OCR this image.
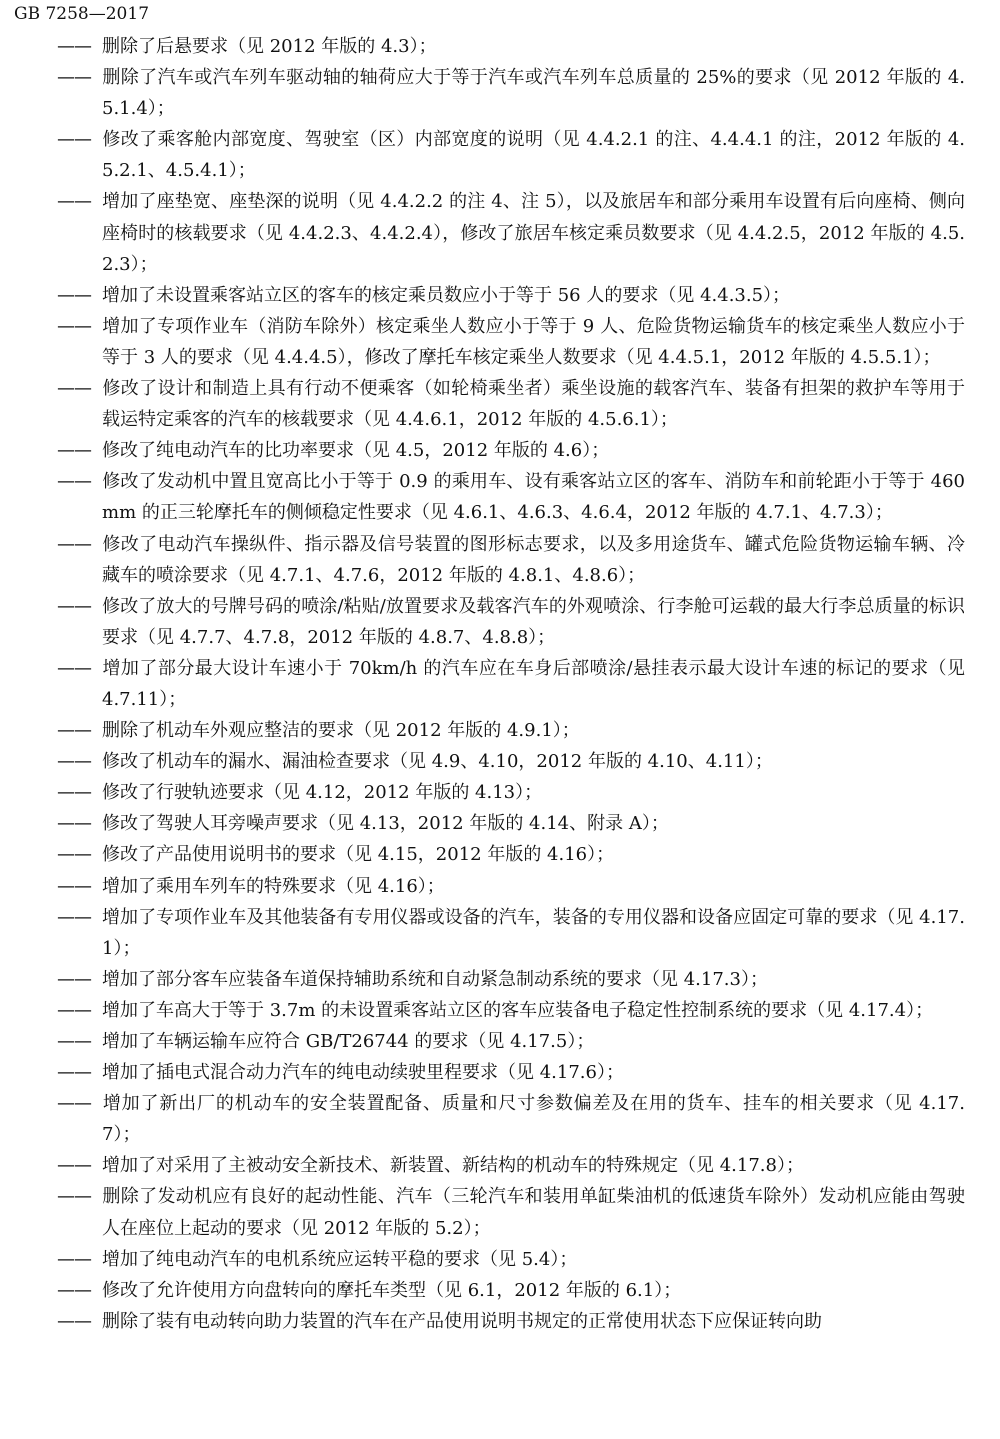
GB 7258—2017
—— 删除了后悬要求（见 2012 年版的 4.3）；
—— 删除了汽车或汽车列车驱动轴的轴荷应大于等于汽车或汽车列车总质量的 25%的要求（见 2012 年版的 4.5.1.4）；
—— 修改了乘客舱内部宽度、驾驶室（区）内部宽度的说明（见 4.4.2.1 的注、4.4.4.1 的注，2012 年版的 4.5.2.1、4.5.4.1）；
—— 增加了座垫宽、座垫深的说明（见 4.4.2.2 的注 4、注 5），以及旅居车和部分乘用车设置有后向座椅、侧向座椅时的核载要求（见 4.4.2.3、4.4.2.4），修改了旅居车核定乘员数要求（见 4.4.2.5，2012 年版的 4.5.2.3）；
—— 增加了未设置乘客站立区的客车的核定乘员数应小于等于 56 人的要求（见 4.4.3.5）；
—— 增加了专项作业车（消防车除外）核定乘坐人数应小于等于 9 人、危险货物运输货车的核定乘坐人数应小于等于 3 人的要求（见 4.4.4.5），修改了摩托车核定乘坐人数要求（见 4.4.5.1，2012 年版的 4.5.5.1）；
—— 修改了设计和制造上具有行动不便乘客（如轮椅乘坐者）乘坐设施的载客汽车、装备有担架的救护车等用于载运特定乘客的汽车的核载要求（见 4.4.6.1，2012 年版的 4.5.6.1）；
—— 修改了纯电动汽车的比功率要求（见 4.5，2012 年版的 4.6）；
—— 修改了发动机中置且宽高比小于等于 0.9 的乘用车、设有乘客站立区的客车、消防车和前轮距小于等于 460mm 的正三轮摩托车的侧倾稳定性要求（见 4.6.1、4.6.3、4.6.4，2012 年版的 4.7.1、4.7.3）；
—— 修改了电动汽车操纵件、指示器及信号装置的图形标志要求，以及多用途货车、罐式危险货物运输车辆、冷藏车的喷涂要求（见 4.7.1、4.7.6，2012 年版的 4.8.1、4.8.6）；
—— 修改了放大的号牌号码的喷涂/粘贴/放置要求及载客汽车的外观喷涂、行李舱可运载的最大行李总质量的标识要求（见 4.7.7、4.7.8，2012 年版的 4.8.7、4.8.8）；
—— 增加了部分最大设计车速小于 70km/h 的汽车应在车身后部喷涂/悬挂表示最大设计车速的标记的要求（见 4.7.11）；
—— 删除了机动车外观应整洁的要求（见 2012 年版的 4.9.1）；
—— 修改了机动车的漏水、漏油检查要求（见 4.9、4.10，2012 年版的 4.10、4.11）；
—— 修改了行驶轨迹要求（见 4.12，2012 年版的 4.13）；
—— 修改了驾驶人耳旁噪声要求（见 4.13，2012 年版的 4.14、附录 A）；
—— 修改了产品使用说明书的要求（见 4.15，2012 年版的 4.16）；
—— 增加了乘用车列车的特殊要求（见 4.16）；
—— 增加了专项作业车及其他装备有专用仪器或设备的汽车，装备的专用仪器和设备应固定可靠的要求（见 4.17.1）；
—— 增加了部分客车应装备车道保持辅助系统和自动紧急制动系统的要求（见 4.17.3）；
—— 增加了车高大于等于 3.7m 的未设置乘客站立区的客车应装备电子稳定性控制系统的要求（见 4.17.4）；
—— 增加了车辆运输车应符合 GB/T26744 的要求（见 4.17.5）；
—— 增加了插电式混合动力汽车的纯电动续驶里程要求（见 4.17.6）；
—— 增加了新出厂的机动车的安全装置配备、质量和尺寸参数偏差及在用的货车、挂车的相关要求（见 4.17.7）；
—— 增加了对采用了主被动安全新技术、新装置、新结构的机动车的特殊规定（见 4.17.8）；
—— 删除了发动机应有良好的起动性能、汽车（三轮汽车和装用单缸柴油机的低速货车除外）发动机应能由驾驶人在座位上起动的要求（见 2012 年版的 5.2）；
—— 增加了纯电动汽车的电机系统应运转平稳的要求（见 5.4）；
—— 修改了允许使用方向盘转向的摩托车类型（见 6.1，2012 年版的 6.1）；
—— 删除了装有电动转向助力装置的汽车在产品使用说明书规定的正常使用状态下应保证转向助
